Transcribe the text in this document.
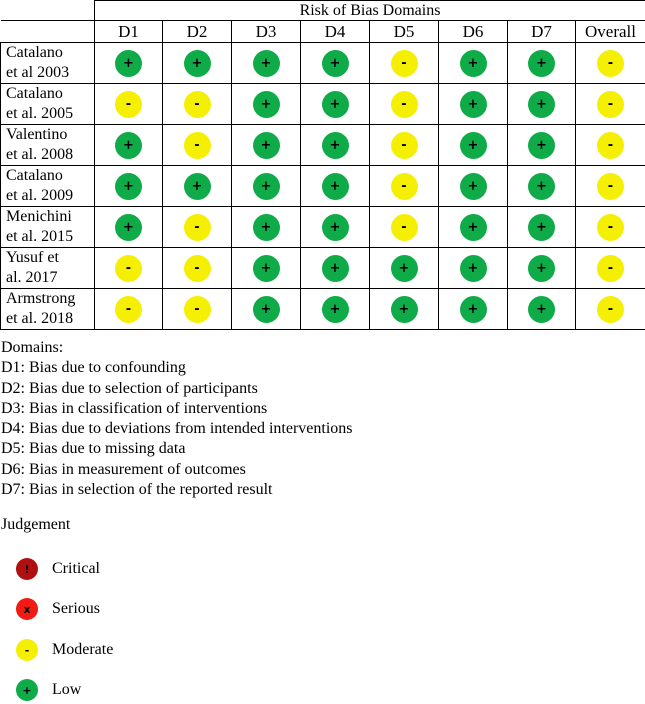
	Risk of Bias Domains							
	D1	D2	D3	D4	D5	D6	D7	Overall

Catalano
et al 2003	+	+	+	+	-	+	+	-

Catalano
et al. 2005	-	-	+	+	-	+	+	-

Valentino
et al. 2008	+	-	+	+	-	+	+	-

Catalano
et al. 2009	+	+	+	+	-	+	+	-

Menichini
et al. 2015	+	-	+	+	-	+	+	-

Yusuf et
al. 2017	-	-	+	+	+	+	+	-

Armstrong
et al. 2018	-	-	+	+	+	+	+	-
Domains:
D1: Bias due to confounding
D2: Bias due to selection of participants
D3: Bias in classification of interventions
D4: Bias due to deviations from intended interventions
D5: Bias due to missing data
D6: Bias in measurement of outcomes
D7: Bias in selection of the reported result
Judgement
!	Critical
x	Serious
-	Moderate
+	Low
